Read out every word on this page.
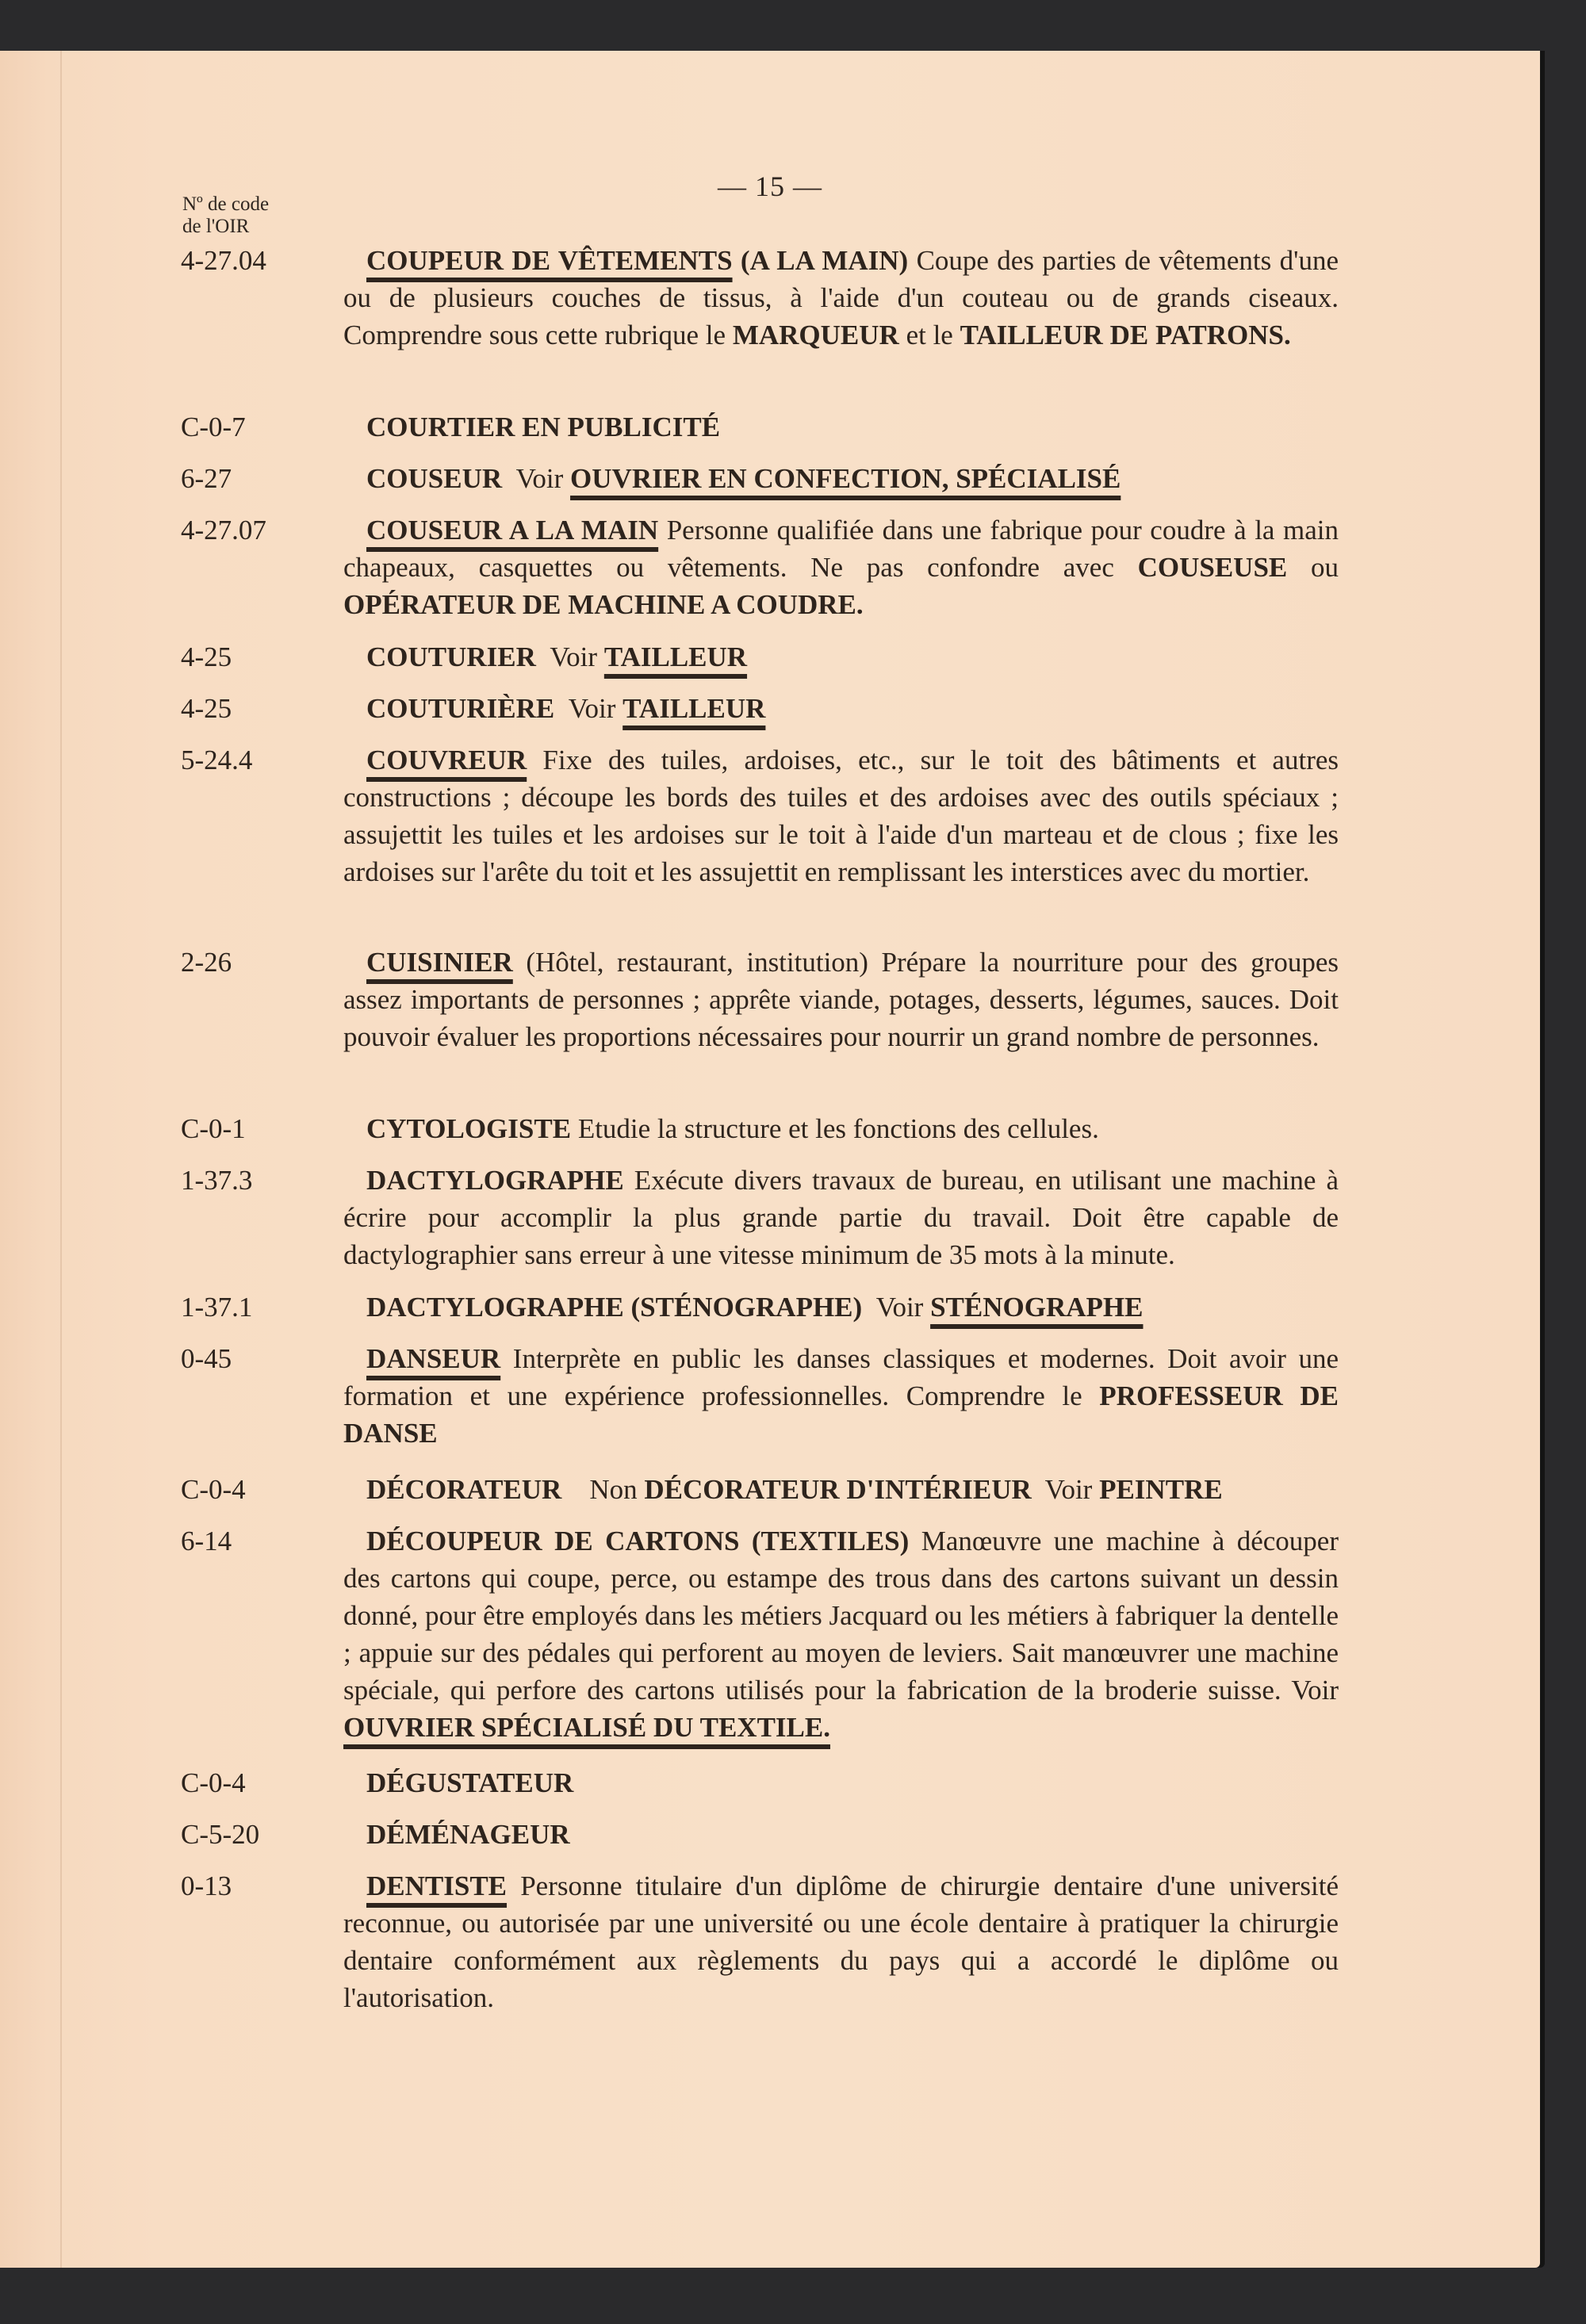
— 15 —
Nº de code
de l'OIR
4-27.04	COUPEUR DE VÊTEMENTS (A LA MAIN) Coupe des parties de vêtements d'une ou de plusieurs couches de tissus, à l'aide d'un couteau ou de grands ciseaux. Comprendre sous cette rubrique le MARQUEUR et le TAILLEUR DE PATRONS.
C-0-7	COURTIER EN PUBLICITÉ
6-27	COUSEUR Voir OUVRIER EN CONFECTION, SPÉCIALISÉ
4-27.07	COUSEUR A LA MAIN Personne qualifiée dans une fabrique pour coudre à la main chapeaux, casquettes ou vêtements. Ne pas confondre avec COUSEUSE ou OPÉRATEUR DE MACHINE A COUDRE.
4-25	COUTURIER Voir TAILLEUR
4-25	COUTURIÈRE Voir TAILLEUR
5-24.4	COUVREUR Fixe des tuiles, ardoises, etc., sur le toit des bâtiments et autres constructions ; découpe les bords des tuiles et des ardoises avec des outils spéciaux ; assujettit les tuiles et les ardoises sur le toit à l'aide d'un marteau et de clous ; fixe les ardoises sur l'arête du toit et les assujettit en remplissant les interstices avec du mortier.
2-26	CUISINIER (Hôtel, restaurant, institution) Prépare la nourriture pour des groupes assez importants de personnes ; apprête viande, potages, desserts, légumes, sauces. Doit pouvoir évaluer les proportions nécessaires pour nourrir un grand nombre de personnes.
C-0-1	CYTOLOGISTE Etudie la structure et les fonctions des cellules.
1-37.3	DACTYLOGRAPHE Exécute divers travaux de bureau, en utilisant une machine à écrire pour accomplir la plus grande partie du travail. Doit être capable de dactylographier sans erreur à une vitesse minimum de 35 mots à la minute.
1-37.1	DACTYLOGRAPHE (STÉNOGRAPHE) Voir STÉNOGRAPHE
0-45	DANSEUR Interprète en public les danses classiques et modernes. Doit avoir une formation et une expérience professionnelles. Comprendre le PROFESSEUR DE DANSE
C-0-4	DÉCORATEUR    Non DÉCORATEUR D'INTÉRIEUR  Voir PEINTRE
6-14	DÉCOUPEUR DE CARTONS (TEXTILES) Manœuvre une machine à découper des cartons qui coupe, perce, ou estampe des trous dans des cartons suivant un dessin donné, pour être employés dans les métiers Jacquard ou les métiers à fabriquer la dentelle ; appuie sur des pédales qui perforent au moyen de leviers. Sait manœuvrer une machine spéciale, qui perfore des cartons utilisés pour la fabrication de la broderie suisse. Voir OUVRIER SPÉCIALISÉ DU TEXTILE.
C-0-4	DÉGUSTATEUR
C-5-20	DÉMÉNAGEUR
0-13	DENTISTE Personne titulaire d'un diplôme de chirurgie dentaire d'une université reconnue, ou autorisée par une université ou une école dentaire à pratiquer la chirurgie dentaire conformément aux règlements du pays qui a accordé le diplôme ou l'autorisation.
